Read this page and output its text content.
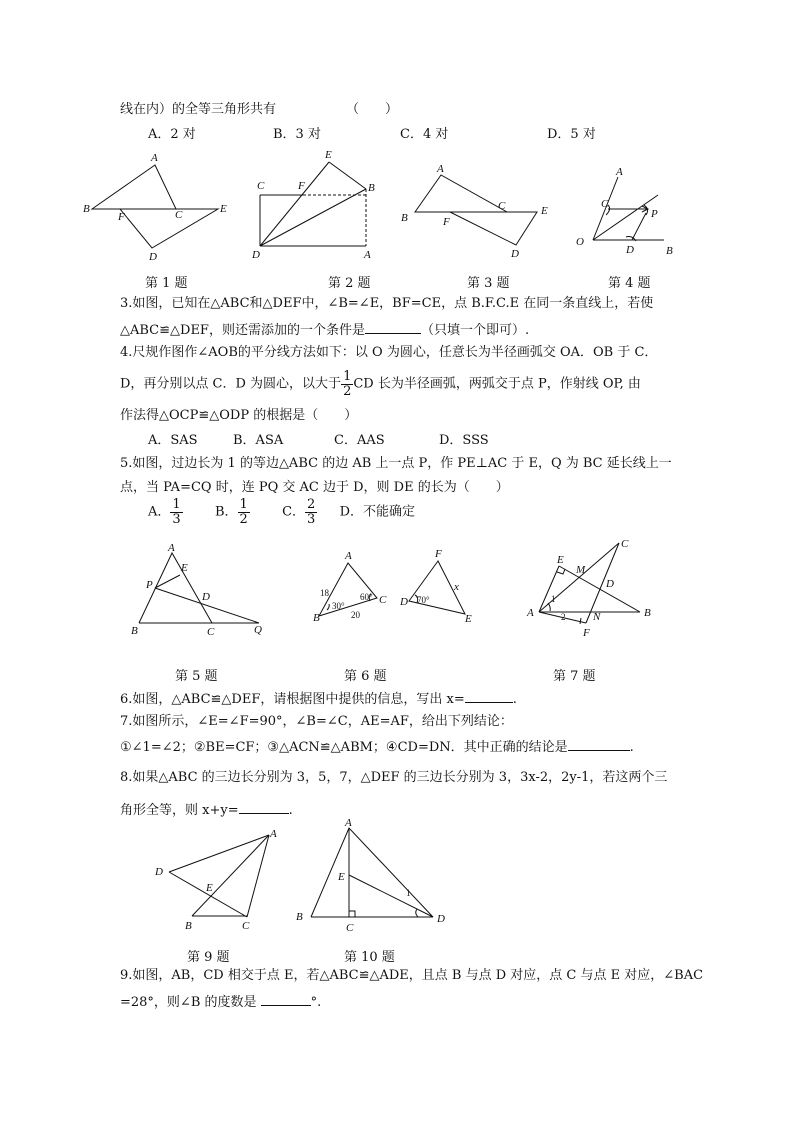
线在内）的全等三角形共有	（　　）
A．2 对	B．3 对	C．4 对	D．5 对
A
B
F	C	E
D
第 1 题
E
C	F	B
D	A
第 2 题
A
B	F
C	E
D
第 3 题
A
C
P
O
D	B
第 4 题
3.如图，已知在△ABC和△DEF中，∠B=∠E，BF=CE，点 B.F.C.E 在同一条直线上，若使
△ABC≌△DEF，则还需添加的一个条件是	（只填一个即可）.
4.尺规作图作∠AOB的平分线方法如下：以 O 为圆心，任意长为半径画弧交 OA．OB 于 C．
D，再分别以点 C．D 为圆心，以大于 $\frac{1}{2}$ CD 长为半径画弧，两弧交于点 P，作射线 OP, 由
作法得△OCP≌△ODP 的根据是（　　）
A．SAS	B．ASA	C．AAS	D．SSS
5.如图，过边长为 1 的等边△ABC 的边 AB 上一点 P，作 PE⊥AC 于 E，Q 为 BC 延长线上一
点，当 PA=CQ 时，连 PQ 交 AC 边于 D，则 DE 的长为（　　）
A． $\frac{1}{3}$ B． $\frac{1}{2}$ C． $\frac{2}{3}$ D．不能确定
A
E
P
D
B	C	Q
第 5 题
A
18
30°
60° C
B	20
F
x
D 70°
E
第 6 题
C
E
M
D
1
A	2	N	B
F
第 7 题
6.如图，△ABC≌△DEF，请根据图中提供的信息，写出 x=	.
7.如图所示，∠E=∠F=90°，∠B=∠C，AE=AF，给出下列结论：
①∠1=∠2；②BE=CF；③△ACN≌△ABM；④CD=DN．其中正确的结论是	.
8.如果△ABC 的三边长分别为 3，5，7，△DEF 的三边长分别为 3，3x-2，2y-1，若这两个三
角形全等，则 x+y=	.
A
D
E
B	C
第 9 题
A
E
1
B
C
D
第 10 题
9.如图，AB，CD 相交于点 E，若△ABC≌△ADE，且点 B 与点 D 对应，点 C 与点 E 对应，∠BAC
=28°，则∠B 的度数是	°.
